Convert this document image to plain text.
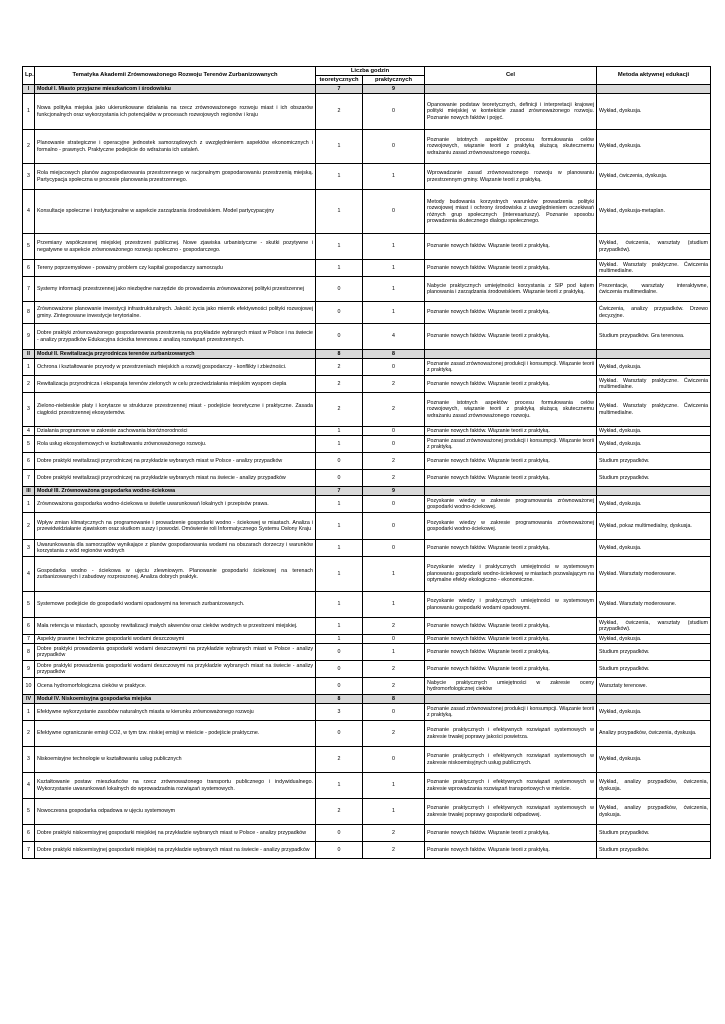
Lp.	Tematyka Akademii Zrównoważonego Rozwoju Terenów Zurbanizowanych	Liczba godzin		Cel	Metoda aktywnej edukacji
		teoretycznych	praktycznych		
I	Moduł I. Miasto przyjazne mieszkańcom i środowisku	7	9		
1	Nowa polityka miejska jako ukierunkowane działania na rzecz zrównoważonego rozwoju miast i ich obszarów funkcjonalnych oraz wykorzystania ich potencjałów w procesach rozwojowych regionów i kraju	2	0	Opanowanie podstaw teoretycznych, definicji i interpretacji krajowej polityki miejskiej w kontekście zasad zrównoważonego rozwoju. Poznanie nowych faktów i pojęć.	Wykład, dyskusja.
2	Planowanie strategiczne i operacyjne jednostek samorządowych z uwzględnieniem aspektów ekonomicznych i formalno - prawnych. Praktyczne podejście do wdrażania ich ustaleń.	1	0	Poznanie istotnych aspektów procesu formułowania celów rozwojowych, wiązanie teorii z praktyką służącą skutecznemu wdrażaniu zasad zrównoważonego rozwoju.	Wykład, dyskusja.
3	Rola miejscowych planów zagospodarowania przestrzennego w racjonalnym gospodarowaniu przestrzenią miejską. Partycypacja społeczna w procesie planowania przestrzennego.	1	1	Wprowadzanie zasad zrównoważonego rozwoju w planowaniu przestrzennym gminy. Wiązanie teorii z praktyką.	Wykład, ćwiczenia, dyskusja.
4	Konsultacje społeczne i instytucjonalne w aspekcie zarządzania środowiskiem. Model partycypacyjny	1	0	Metody budowania korzystnych warunków prowadzenia polityki rozwojowej miast i ochrony środowiska z uwzględnieniem oczekiwań różnych grup społecznych (interesariuszy). Poznanie sposobu prowadzenia skutecznego dialogu społecznego.	Wykład, dyskusja-metaplan.
5	Przemiany współczesnej miejskiej przestrzeni publicznej. Nowe zjawiska urbanistyczne - skutki pozytywne i negatywne w aspekcie zrównoważonego rozwoju społeczno - gospodarczego.	1	1	Poznanie nowych faktów. Wiązanie teorii z praktyką.	Wykład, ćwiczenia, warsztaty (studium przypadków).
6	Tereny poprzemysłowe - poważny problem czy kapitał gospodarczy samorządu	1	1	Poznanie nowych faktów. Wiązanie teorii z praktyką.	Wykład. Warsztaty praktyczne. Ćwiczenia multimedialne.
7	Systemy informacji przestrzennej jako niezbędne narzędzie do prowadzenia zrównoważonej polityki przestrzennej	0	1	Nabycie praktycznych umiejętności korzystania z SIP pod kątem planowania i zarządzania środowiskiem. Wiązanie teorii z praktyką.	Prezentacje, warsztaty interaktywne, ćwiczenia multimedialne.
8	Zrównoważone planowanie inwestycji infrastrukturalnych. Jakość życia jako miernik efektywności polityki rozwojowej gminy. Zintegrowane inwestycje terytorialne.	0	1	Poznanie nowych faktów. Wiązanie teorii z praktyką.	Ćwiczenia, analizy przypadków. Drzewo decyzyjne.
9	Dobre praktyki zrównoważonego gospodarowania przestrzenią na przykładzie wybranych miast w Polsce i na świecie - analizy przypadków Edukacyjna ścieżka terenowa z analizą rozwiązań przestrzennych.	0	4	Poznanie nowych faktów. Wiązanie teorii z praktyką.	Studium przypadków. Gra terenowa.
II	Moduł II. Rewitalizacja przyrodnicza terenów zurbanizowanych	8	8		
1	Ochrona i kształtowanie przyrody w przestrzeniach miejskich a rozwój gospodarczy - konflikty i zbieżności.	2	0	Poznanie zasad zrównoważonej produkcji i konsumpcji. Wiązanie teorii z praktyką.	Wykład, dyskusja.
2	Rewitalizacja przyrodnicza i ekspansja terenów zielonych w celu przeciwdziałania miejskim wyspom ciepła	2	2	Poznanie nowych faktów. Wiązanie teorii z praktyką.	Wykład. Warsztaty praktyczne. Ćwiczenia multimedialne.
3	Zielono-niebieskie płaty i korytarze w strukturze przestrzennej miast - podejście teoretyczne i praktyczne. Zasada ciągłości przestrzennej ekosystemów.	2	2	Poznanie istotnych aspektów procesu formułowania celów rozwojowych, wiązanie teorii z praktyką służącą skutecznemu wdrażaniu zasad zrównoważonego rozwoju.	Wykład. Warsztaty praktyczne. Ćwiczenia multimedialne.
4	Działania programowe w zakresie zachowania bioróżnorodności	1	0	Poznanie nowych faktów. Wiązanie teorii z praktyką.	Wykład, dyskusja.
5	Rola usług ekosystemowych w kształtowaniu zrównoważonego rozwoju.	1	0	Poznanie zasad zrównoważonej produkcji i konsumpcji. Wiązanie teorii z praktyką.	Wykład, dyskusja.
6	Dobre praktyki rewitalizacji przyrodniczej na przykładzie wybranych miast w Polsce - analizy przypadków	0	2	Poznanie nowych faktów. Wiązanie teorii z praktyką.	Studium przypadków.
7	Dobre praktyki rewitalizacji przyrodniczej na przykładzie wybranych miast na świecie - analizy przypadków	0	2	Poznanie nowych faktów. Wiązanie teorii z praktyką.	Studium przypadków.
III	Moduł III. Zrównoważona gospodarka wodno-ściekowa	7	9		
1	Zrównoważona gospodarka wodno-ściekowa w świetle uwarunkowań lokalnych i przepisów prawa.	1	0	Pozyskanie wiedzy w zakresie programowania zrównoważonej gospodarki wodno-ściekowej.	Wykład, dyskusja.
2	Wpływ zmian klimatycznych na programowanie i prowadzenie gospodarki wodno - ściekowej w miastach. Analiza i przewidwidziałanie zjawiskom oraz skutkom suszy i powodzi. Omówienie roli Informatycznego Systemu Osłony Kraju	1	0	Pozyskanie wiedzy w zakresie programowania zrównoważonej gospodarki wodno-ściekowej.	Wykład, pokaz multimedialny, dyskusja.
3	Uwarunkowania dla samorządów wynikające z planów gospodarowania wodami na obszarach dorzeczy i warunków korzystania z wód regionów wodnych	1	0	Poznanie nowych faktów. Wiązanie teorii z praktyką.	Wykład, dyskusja.
4	Gospodarka wodno - ściekowa w ujęciu zlewniowym. Planowanie gospodarki ściekowej na terenach zurbanizowanych i zabudowy rozproszonej. Analiza dobrych praktyk.	1	1	Pozyskanie wiedzy i praktycznych umiejętności w systemowym planowaniu gospodarki wodno-ściekowej w miastach pozwalającym na optymalne efekty ekologiczno - ekonomiczne.	Wykład. Warsztaty moderowane.
5	Systemowe podejście do gospodarki wodami opadowymi na terenach zurbanizowanych.	1	1	Pozyskanie wiedzy i praktycznych umiejętności w systemowym planowaniu gospodarki wodami opadowymi.	Wykład. Warsztaty moderowane.
6	Mała retencja w miastach, sposoby rewitalizacji małych akwenów oraz cieków wodnych w przestrzeni miejskiej.	1	2	Poznanie nowych faktów. Wiązanie teorii z praktyką.	Wykład, ćwiczenia, warsztaty (studium przypadków).
7	Aspekty prawne i techniczne gospodarki wodami deszczowymi	1	0	Poznanie nowych faktów. Wiązanie teorii z praktyką.	Wykład, dyskusja.
8	Dobre praktyki prowadzenia gospodarki wodami deszczowymi na przykładzie wybranych miast w Polsce - analizy przypadków	0	1	Poznanie nowych faktów. Wiązanie teorii z praktyką.	Studium przypadków.
9	Dobre praktyki prowadzenia gospodarki wodami deszczowymi na przykładzie wybranych miast na świecie - analizy przypadków	0	2	Poznanie nowych faktów. Wiązanie teorii z praktyką.	Studium przypadków.
10	Ocena hydromorfologiczna cieków w praktyce.	0	2	Nabycie praktycznych umiejętności w zakresie oceny hydromorfologicznej cieków	Warsztaty terenowe.
IV	Moduł IV. Niskoemisyjna gospodarka miejska	8	8		
1	Efektywne wykorzystanie zasobów naturalnych miasta w kierunku zrównoważonego rozwoju	3	0	Poznanie zasad zrównoważonej produkcji i konsumpcji. Wiązanie teorii z praktyką.	Wykład, dyskusja.
2	Efektywne ograniczanie emisji CO2, w tym tzw. niskiej emisji w mieście - podejście praktyczne.	0	2	Poznanie praktycznych i efektywnych rozwiązań systemowych w zakresie trwałej poprawy jakości powietrza.	Analizy przypadków, ćwiczenia, dyskusja.
3	Niskoemisyjne technologie w kształtowaniu usług publicznych	2	0	Poznanie praktycznych i efektywnych rozwiązań systemowych w zakresie niskoemisyjnych usług publicznych.	Wykład, dyskusja.
4	Kształtowanie postaw mieszkańców na rzecz zrównoważonego transportu publicznego i indywidualnego. Wykorzystanie uwarunkowań lokalnych do wprowadzadnia rozwiązań systemowych.	1	1	Poznanie praktycznych i efektywnych rozwiązań systemowych w zakresie wprowadzania rozwiązań transportowych w mieście.	Wykład, analizy przypadków, ćwiczenia, dyskusja.
5	Nowoczesna gospodarka odpadowa w ujęciu systemowym	2	1	Poznanie praktycznych i efektywnych rozwiązań systemowych w zakresie trwałej poprawy gospodarki odpadowej.	Wykład, analizy przypadków, ćwiczenia, dyskusja.
6	Dobre praktyki niskoemisyjnej gospodarki miejskiej na przykładzie wybranych miast w Polsce - analizy przypadków	0	2	Poznanie nowych faktów. Wiązanie teorii z praktyką.	Studium przypadków.
7	Dobre praktyki niskoemisyjnej gospodarki miejskiej na przykładzie wybranych miast na świecie - analizy przypadków	0	2	Poznanie nowych faktów. Wiązanie teorii z praktyką.	Studium przypadków.
